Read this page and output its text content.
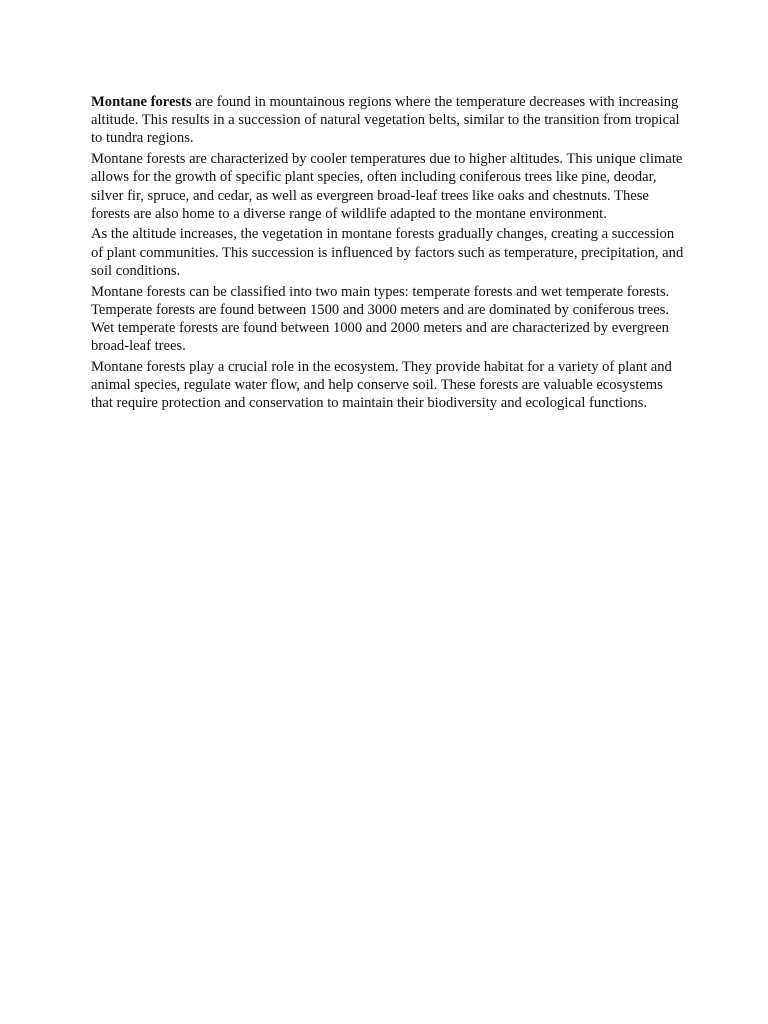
Montane forests are found in mountainous regions where the temperature decreases with increasing altitude. This results in a succession of natural vegetation belts, similar to the transition from tropical to tundra regions.

Montane forests are characterized by cooler temperatures due to higher altitudes. This unique climate allows for the growth of specific plant species, often including coniferous trees like pine, deodar, silver fir, spruce, and cedar, as well as evergreen broad-leaf trees like oaks and chestnuts. These forests are also home to a diverse range of wildlife adapted to the montane environment.

As the altitude increases, the vegetation in montane forests gradually changes, creating a succession of plant communities. This succession is influenced by factors such as temperature, precipitation, and soil conditions.

Montane forests can be classified into two main types: temperate forests and wet temperate forests. Temperate forests are found between 1500 and 3000 meters and are dominated by coniferous trees. Wet temperate forests are found between 1000 and 2000 meters and are characterized by evergreen broad-leaf trees.

Montane forests play a crucial role in the ecosystem. They provide habitat for a variety of plant and animal species, regulate water flow, and help conserve soil. These forests are valuable ecosystems that require protection and conservation to maintain their biodiversity and ecological functions.
